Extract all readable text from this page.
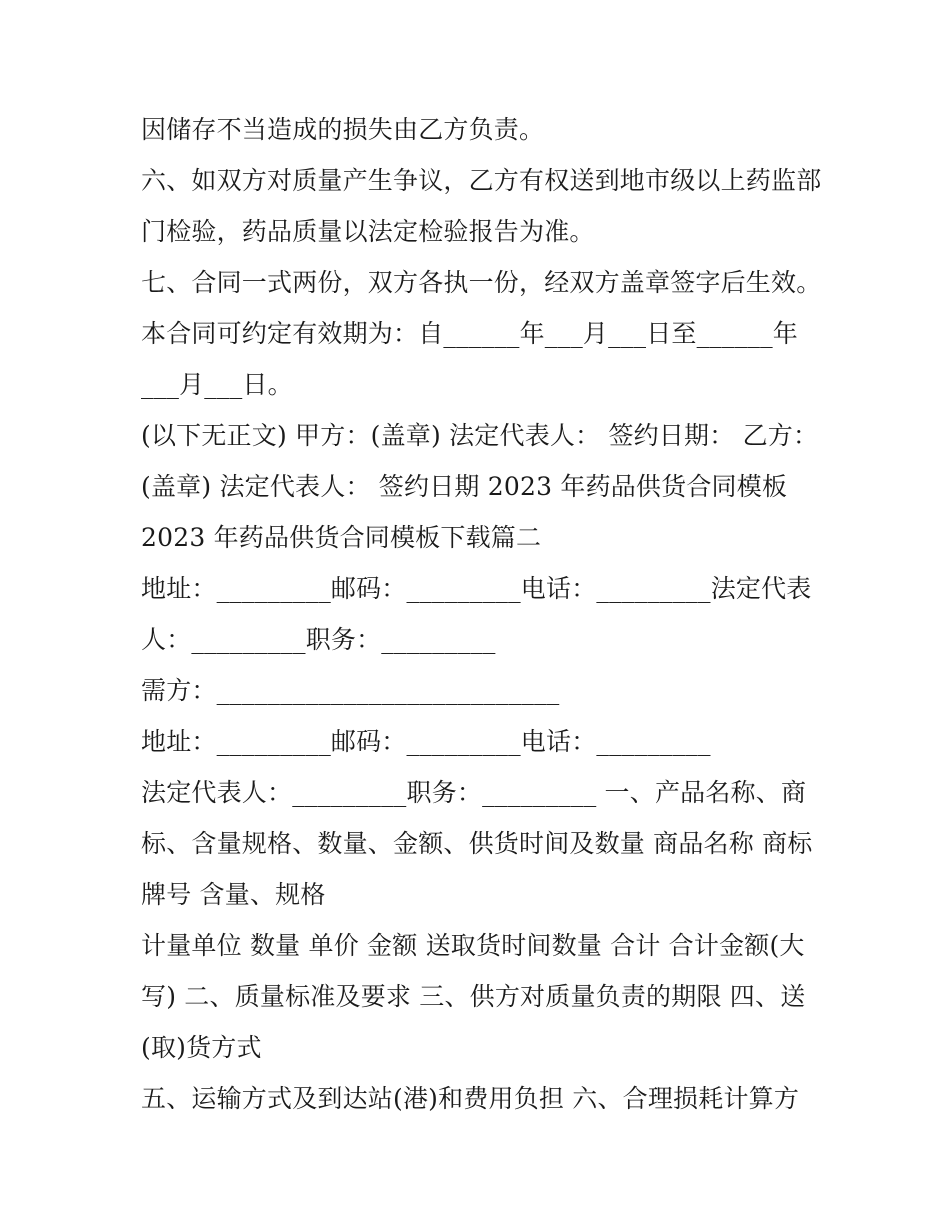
因储存不当造成的损失由乙方负责。
六、如双方对质量产生争议，乙方有权送到地市级以上药监部
门检验，药品质量以法定检验报告为准。
七、合同一式两份，双方各执一份，经双方盖章签字后生效。
本合同可约定有效期为：自______年___月___日至______年
___月___日。
(以下无正文) 甲方：(盖章) 法定代表人： 签约日期： 乙方：
(盖章) 法定代表人： 签约日期 2023 年药品供货合同模板
2023 年药品供货合同模板下载篇二
地址：_________邮码：_________电话：_________法定代表
人：_________职务：_________
需方：___________________________
地址：_________邮码：_________电话：_________
法定代表人：_________职务：_________ 一、产品名称、商
标、含量规格、数量、金额、供货时间及数量 商品名称 商标
牌号 含量、规格
计量单位 数量 单价 金额 送取货时间数量 合计 合计金额(大
写) 二、质量标准及要求 三、供方对质量负责的期限 四、送
(取)货方式
五、运输方式及到达站(港)和费用负担 六、合理损耗计算方
